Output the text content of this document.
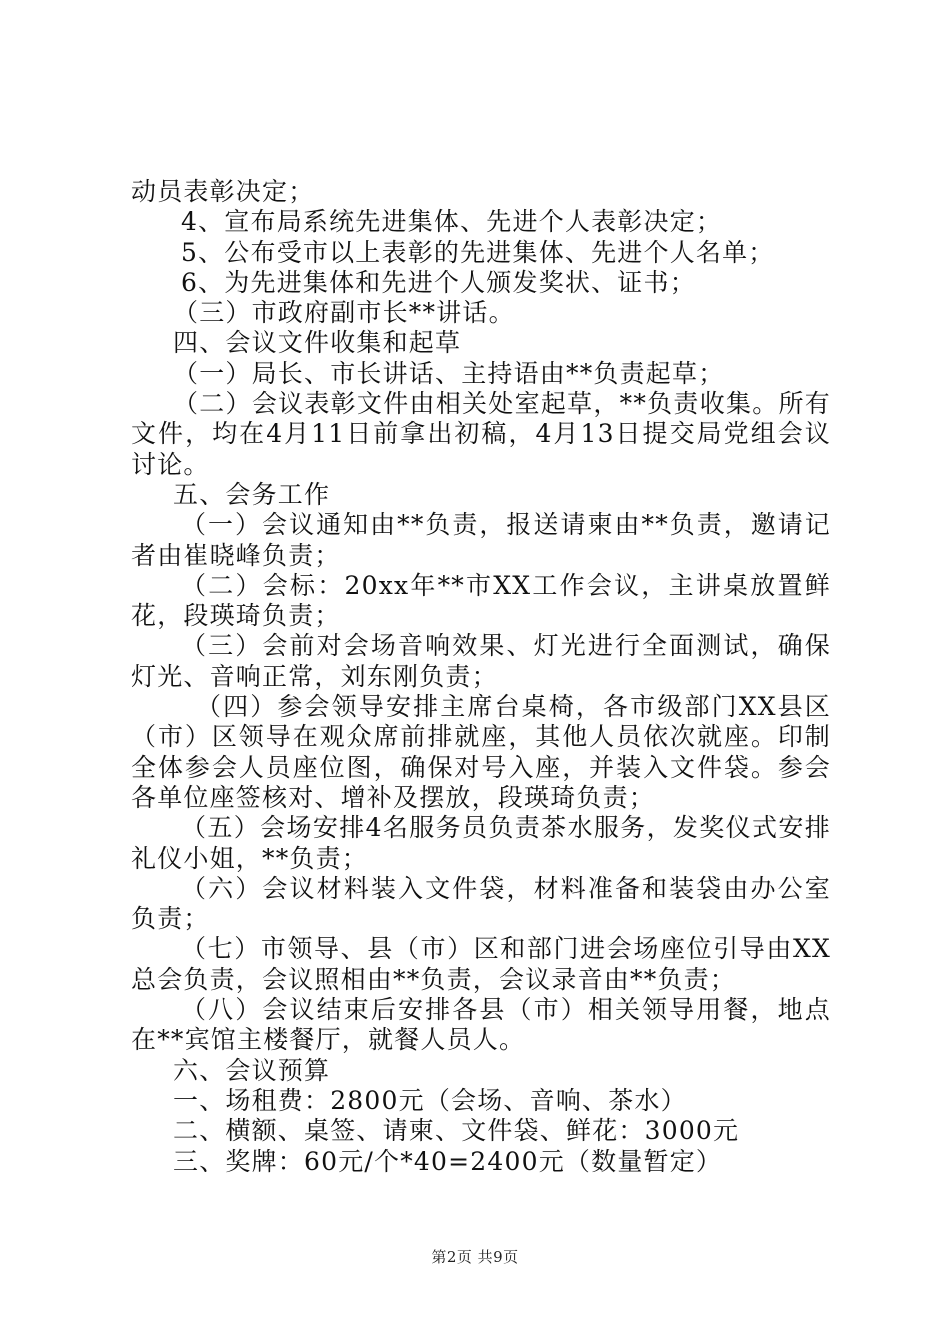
动员表彰决定；

4、宣布局系统先进集体、先进个人表彰决定；

5、公布受市以上表彰的先进集体、先进个人名单；

6、为先进集体和先进个人颁发奖状、证书；

（三）市政府副市长**讲话。

四、会议文件收集和起草

（一）局长、市长讲话、主持语由**负责起草；

（二）会议表彰文件由相关处室起草，**负责收集。所有文件，均在4月11日前拿出初稿，4月13日提交局党组会议讨论。

五、会务工作

（一）会议通知由**负责，报送请柬由**负责，邀请记者由崔晓峰负责；

（二）会标：20xx年**市XX工作会议，主讲桌放置鲜花，段瑛琦负责；

（三）会前对会场音响效果、灯光进行全面测试，确保灯光、音响正常，刘东刚负责；

（四）参会领导安排主席台桌椅，各市级部门XX县区（市）区领导在观众席前排就座，其他人员依次就座。印制全体参会人员座位图，确保对号入座，并装入文件袋。参会各单位座签核对、增补及摆放，段瑛琦负责；

（五）会场安排4名服务员负责茶水服务，发奖仪式安排礼仪小姐，**负责；

（六）会议材料装入文件袋，材料准备和装袋由办公室负责；

（七）市领导、县（市）区和部门进会场座位引导由XX总会负责，会议照相由**负责，会议录音由**负责；

（八）会议结束后安排各县（市）相关领导用餐，地点在**宾馆主楼餐厅，就餐人员人。

六、会议预算

一、场租费：2800元（会场、音响、茶水）

二、横额、桌签、请柬、文件袋、鲜花：3000元

三、奖牌：60元/个*40=2400元（数量暂定）

第2页 共9页
